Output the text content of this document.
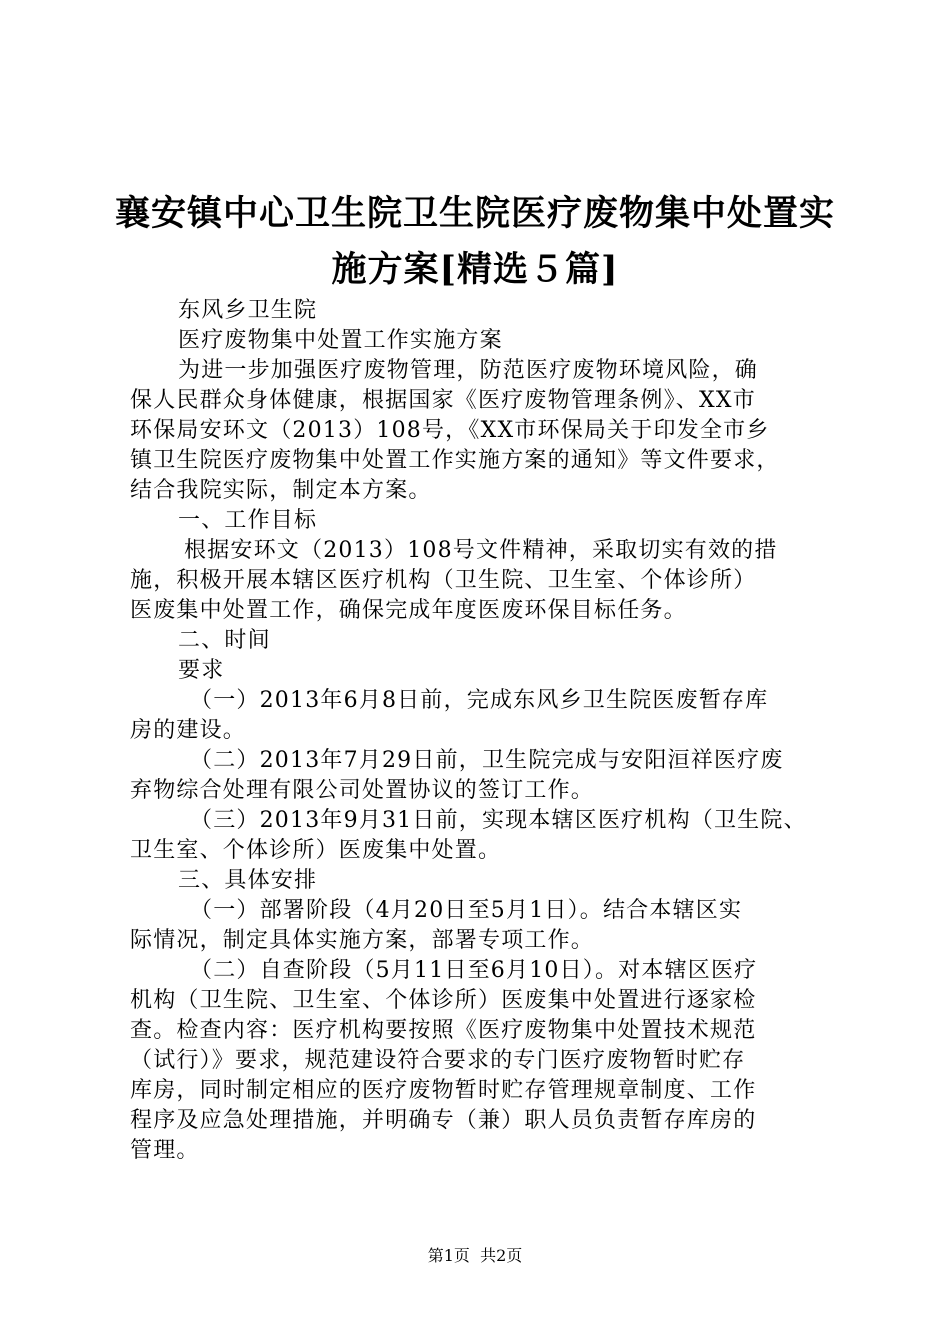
襄安镇中心卫生院卫生院医疗废物集中处置实
施方案[精选５篇]
东风乡卫生院
医疗废物集中处置工作实施方案
为进一步加强医疗废物管理，防范医疗废物环境风险，确
保人民群众身体健康，根据国家《医疗废物管理条例》、XX市
环保局安环文（2013）108号，《XX市环保局关于印发全市乡
镇卫生院医疗废物集中处置工作实施方案的通知》等文件要求，
结合我院实际，制定本方案。
一、工作目标
根据安环文（2013）108号文件精神，采取切实有效的措
施，积极开展本辖区医疗机构（卫生院、卫生室、个体诊所）
医废集中处置工作，确保完成年度医废环保目标任务。
二、时间
要求
（一）2013年6月8日前，完成东风乡卫生院医废暂存库
房的建设。
（二）2013年7月29日前，卫生院完成与安阳洹祥医疗废
弃物综合处理有限公司处置协议的签订工作。
（三）2013年9月31日前，实现本辖区医疗机构（卫生院、
卫生室、个体诊所）医废集中处置。
三、具体安排
（一）部署阶段（4月20日至5月1日）。结合本辖区实
际情况，制定具体实施方案，部署专项工作。
（二）自查阶段（5月11日至6月10日）。对本辖区医疗
机构（卫生院、卫生室、个体诊所）医废集中处置进行逐家检
查。检查内容：医疗机构要按照《医疗废物集中处置技术规范
（试行）》要求，规范建设符合要求的专门医疗废物暂时贮存
库房，同时制定相应的医疗废物暂时贮存管理规章制度、工作
程序及应急处理措施，并明确专（兼）职人员负责暂存库房的
管理。
第1页  共2页
